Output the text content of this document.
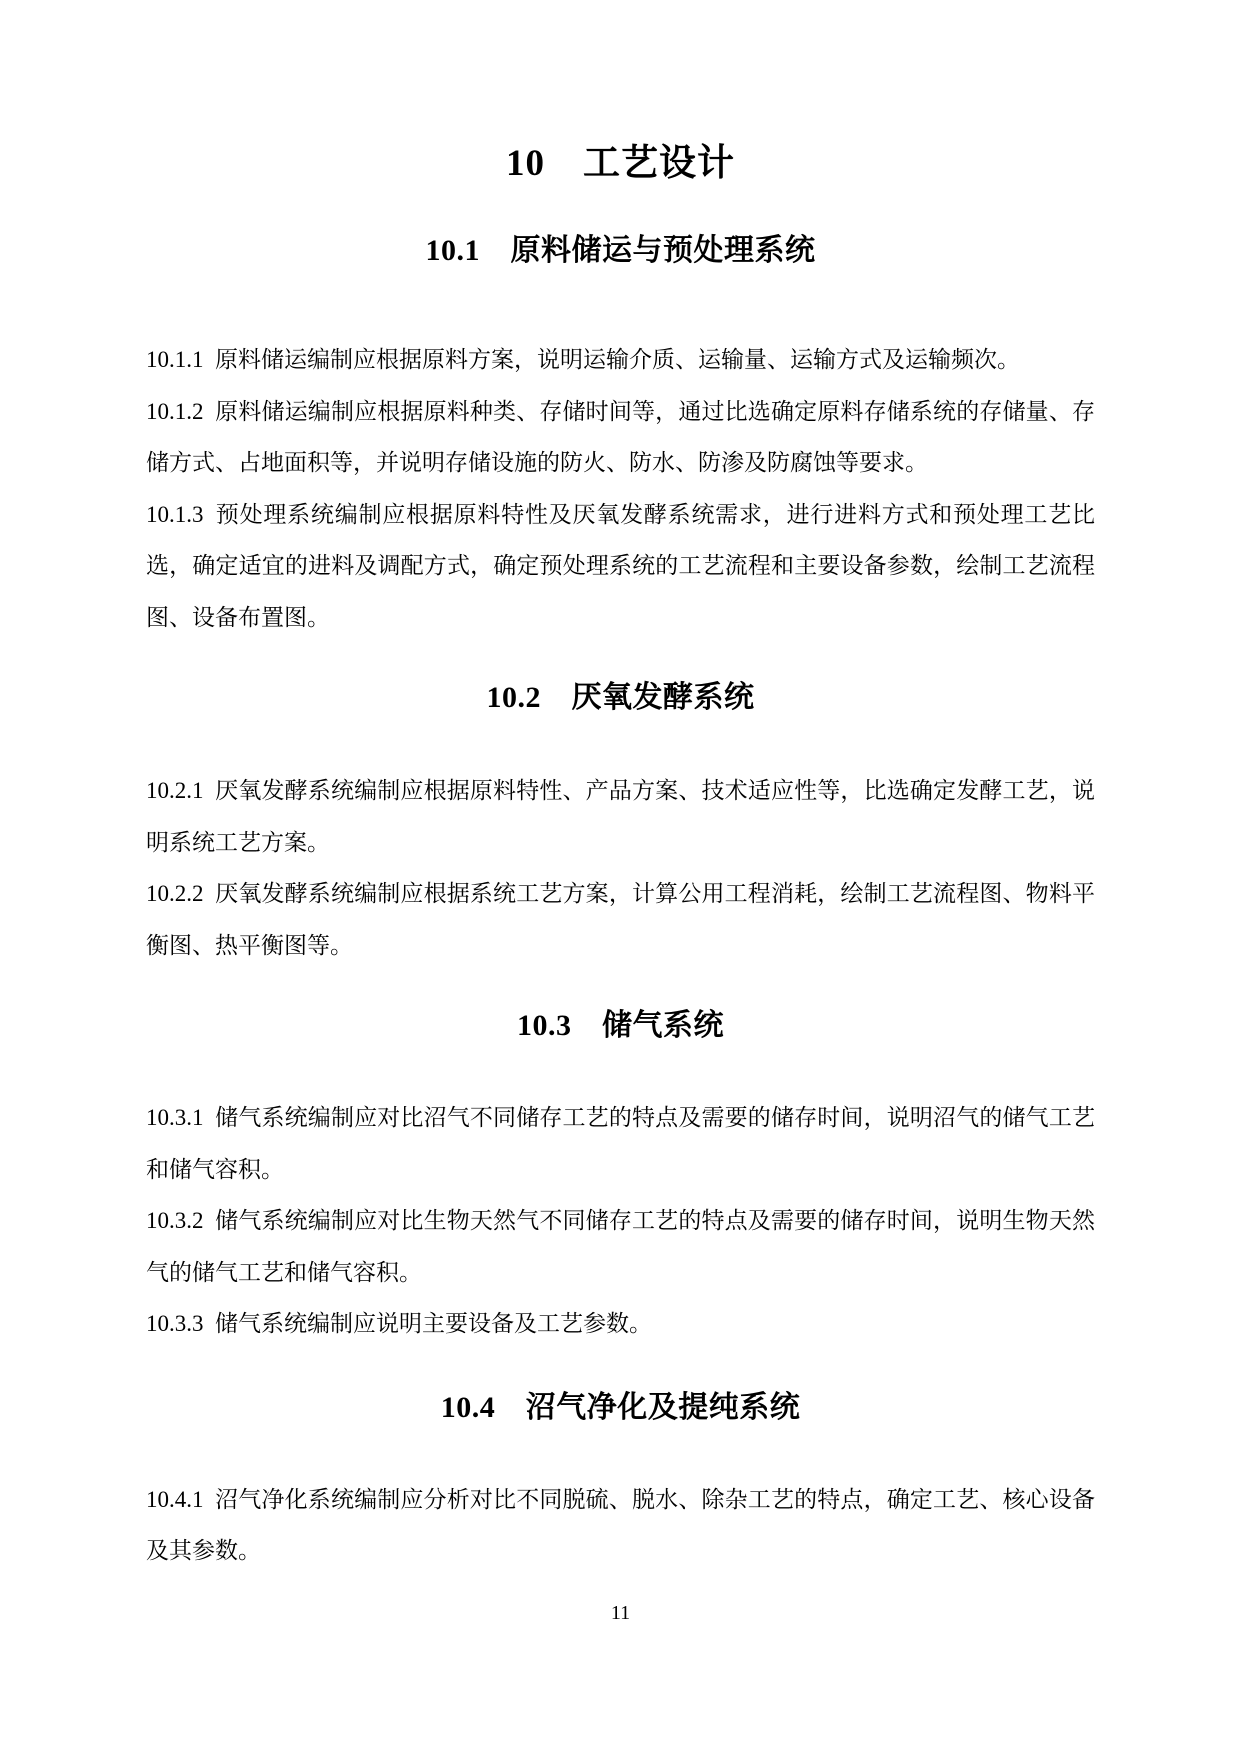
10 工艺设计
10.1 原料储运与预处理系统

10.1.1 原料储运编制应根据原料方案，说明运输介质、运输量、运输方式及运输频次。

10.1.2 原料储运编制应根据原料种类、存储时间等，通过比选确定原料存储系统的存储量、存储方式、占地面积等，并说明存储设施的防火、防水、防渗及防腐蚀等要求。

10.1.3 预处理系统编制应根据原料特性及厌氧发酵系统需求，进行进料方式和预处理工艺比选，确定适宜的进料及调配方式，确定预处理系统的工艺流程和主要设备参数，绘制工艺流程图、设备布置图。

10.2 厌氧发酵系统

10.2.1 厌氧发酵系统编制应根据原料特性、产品方案、技术适应性等，比选确定发酵工艺，说明系统工艺方案。

10.2.2 厌氧发酵系统编制应根据系统工艺方案，计算公用工程消耗，绘制工艺流程图、物料平衡图、热平衡图等。

10.3 储气系统

10.3.1 储气系统编制应对比沼气不同储存工艺的特点及需要的储存时间，说明沼气的储气工艺和储气容积。

10.3.2 储气系统编制应对比生物天然气不同储存工艺的特点及需要的储存时间，说明生物天然气的储气工艺和储气容积。

10.3.3 储气系统编制应说明主要设备及工艺参数。

10.4 沼气净化及提纯系统

10.4.1 沼气净化系统编制应分析对比不同脱硫、脱水、除杂工艺的特点，确定工艺、核心设备及其参数。

11
